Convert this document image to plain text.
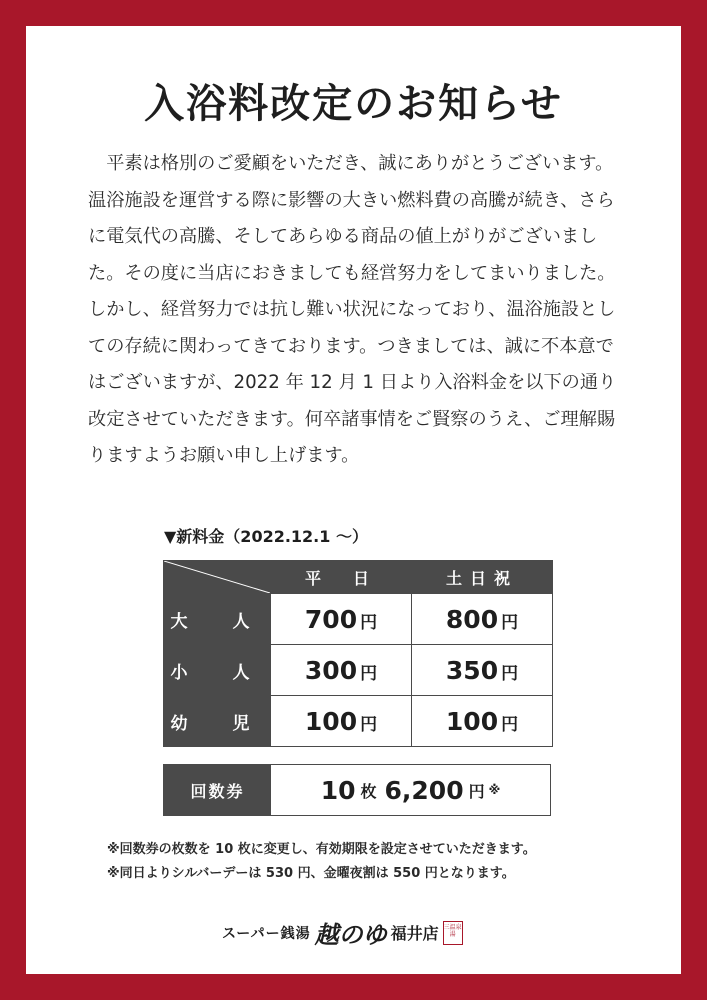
入浴料改定のお知らせ
平素は格別のご愛顧をいただき、誠にありがとうございます。温浴施設を運営する際に影響の大きい燃料費の高騰が続き、さらに電気代の高騰、そしてあらゆる商品の値上がりがございました。その度に当店におきましても経営努力をしてまいりました。しかし、経営努力では抗し難い状況になっており、温浴施設としての存続に関わってきております。つきましては、誠に不本意ではございますが、2022 年 12 月 1 日より入浴料金を以下の通り改定させていただきます。何卒諸事情をご賢察のうえ、ご理解賜りますようお願い申し上げます。
▼新料金（2022.12.1 〜）
	平　日	土日祝
大　人	700 円	800 円
小　人	300 円	350 円
幼　児	100 円	100 円
回数券	10 枚 6,200 円 ※
※回数券の枚数を 10 枚に変更し、有効期限を設定させていただきます。
※同日よりシルバーデーは 530 円、金曜夜割は 550 円となります。
スーパー銭湯 越のゆ 福井店 三温泉湯
